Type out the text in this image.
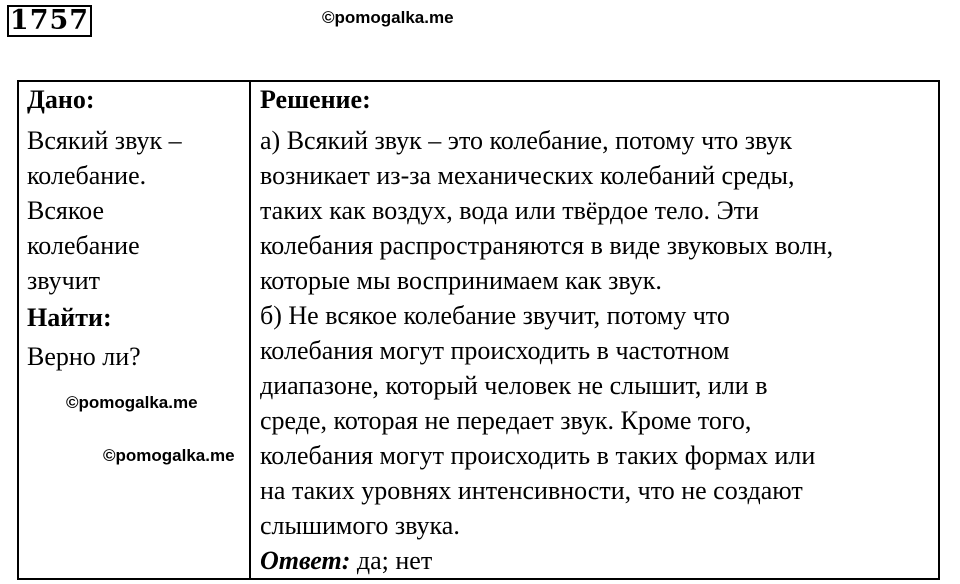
1757	©pomogalka.me
Дано:
Всякий звук –
колебание.
Всякое
колебание
звучит
Найти:
Верно ли?
Решение:
а) Всякий звук – это колебание, потому что звук
возникает из-за механических колебаний среды,
таких как воздух, вода или твёрдое тело. Эти
колебания распространяются в виде звуковых волн,
которые мы воспринимаем как звук.
б) Не всякое колебание звучит, потому что
колебания могут происходить в частотном
диапазоне, который человек не слышит, или в
среде, которая не передает звук. Кроме того,
колебания могут происходить в таких формах или
на таких уровнях интенсивности, что не создают
слышимого звука.
Ответ: да; нет
©pomogalka.me
©pomogalka.me
